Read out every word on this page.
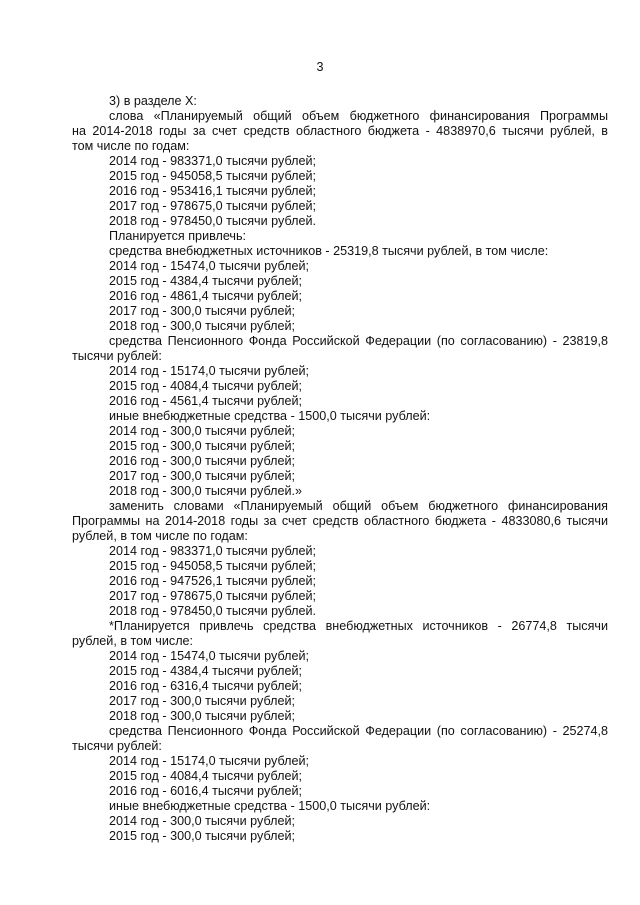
3
3) в разделе X:
слова «Планируемый общий объем бюджетного финансирования Программы
на 2014-2018 годы за счет средств областного бюджета - 4838970,6 тысячи рублей, в
том числе по годам:
2014 год - 983371,0 тысячи рублей;
2015 год - 945058,5 тысячи рублей;
2016 год - 953416,1 тысячи рублей;
2017 год - 978675,0 тысячи рублей;
2018 год - 978450,0 тысячи рублей.
Планируется привлечь:
средства внебюджетных источников - 25319,8 тысячи рублей, в том числе:
2014 год - 15474,0 тысячи рублей;
2015 год - 4384,4 тысячи рублей;
2016 год - 4861,4 тысячи рублей;
2017 год - 300,0 тысячи рублей;
2018 год - 300,0 тысячи рублей;
средства Пенсионного Фонда Российской Федерации (по согласованию) - 23819,8
тысячи рублей:
2014 год - 15174,0 тысячи рублей;
2015 год - 4084,4 тысячи рублей;
2016 год - 4561,4 тысячи рублей;
иные внебюджетные средства - 1500,0 тысячи рублей:
2014 год - 300,0 тысячи рублей;
2015 год - 300,0 тысячи рублей;
2016 год - 300,0 тысячи рублей;
2017 год - 300,0 тысячи рублей;
2018 год - 300,0 тысячи рублей.»
заменить словами «Планируемый общий объем бюджетного финансирования
Программы на 2014-2018 годы за счет средств областного бюджета - 4833080,6 тысячи
рублей, в том числе по годам:
2014 год - 983371,0 тысячи рублей;
2015 год - 945058,5 тысячи рублей;
2016 год - 947526,1 тысячи рублей;
2017 год - 978675,0 тысячи рублей;
2018 год - 978450,0 тысячи рублей.
*Планируется привлечь средства внебюджетных источников - 26774,8 тысячи
рублей, в том числе:
2014 год - 15474,0 тысячи рублей;
2015 год - 4384,4 тысячи рублей;
2016 год - 6316,4 тысячи рублей;
2017 год - 300,0 тысячи рублей;
2018 год - 300,0 тысячи рублей;
средства Пенсионного Фонда Российской Федерации (по согласованию) - 25274,8
тысячи рублей:
2014 год - 15174,0 тысячи рублей;
2015 год - 4084,4 тысячи рублей;
2016 год - 6016,4 тысячи рублей;
иные внебюджетные средства - 1500,0 тысячи рублей:
2014 год - 300,0 тысячи рублей;
2015 год - 300,0 тысячи рублей;
